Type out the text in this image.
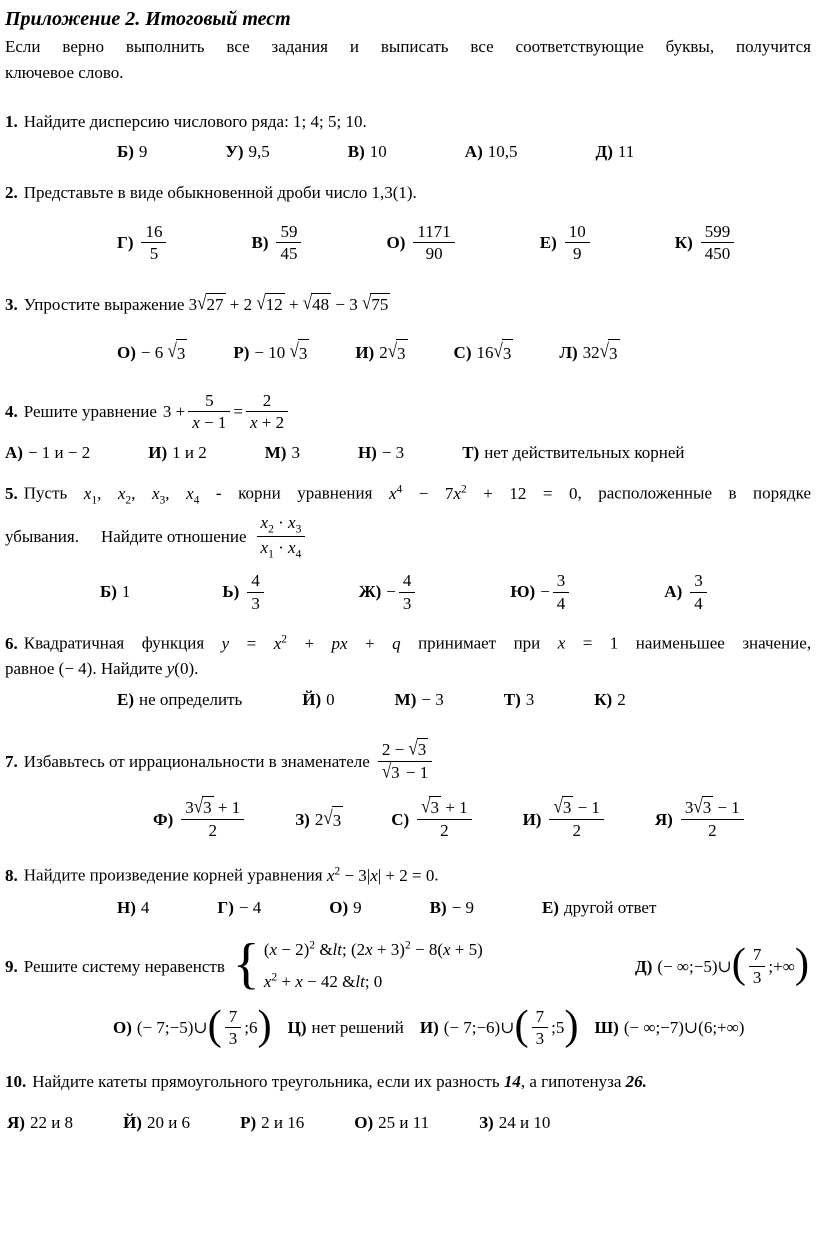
Приложение 2. Итоговый тест
Если верно выполнить все задания и выписать все соответствующие буквы, получится
ключевое слово.
1. Найдите дисперсию числового ряда: 1; 4; 5; 10.
Б) 9	У) 9,5	В) 10	А) 10,5	Д) 11
2. Представьте в виде обыкновенной дроби число 1,3(1).
$Г) \frac{16}{5}$	$В) \frac{59}{45}$	$О) \frac{1171}{90}$	$Е) \frac{10}{9}$	$К) \frac{599}{450}$
3. Упростите выражение 3√27 + 2 √12 + √48 − 3 √75
О) − 6
√ 3	Р) − 10
√ 3	И) 2 √ 3	С) 16 √ 3	Л) 32 √ 3
4. Решите уравнение $3 + \frac{5}{x - 1} = \frac{2}{x + 2}$
А) − 1 и − 2	И) 1 и 2	М) 3	Н) − 3	Т) нет действительных корней
5. Пусть $x_1$, $x_2$, $x_3$, $x_4$ - корни уравнения $x^4 - 7x^2 + 12 = 0$, расположенные в порядке
убывания. Найдите отношение $\frac{x_2 \cdot x_3}{x_1 \cdot x_4}$
Б) 1	$Ь) \frac{4}{3}$	$Ж) - \frac{4}{3}$	$Ю) - \frac{3}{4}$	$А) \frac{3}{4}$
6. Квадратичная функция $y = x^2$ + px + q принимает при x = 1 наименьшее значение,
равное (− 4). Найдите y(0).
Е) не определить	Й) 0	М) − 3	Т) 3	К) 2
7. Избавьтесь от иррациональности в знаменателе $\frac{2 - √3}{√3 - 1}$
$Ф) \frac{3√3 + 1}{2}$	З) 2 √ 3	$С) \frac{√3 + 1}{2}$	$И) \frac{√3 - 1}{2}$	$Я) \frac{3√3 - 1}{2}$
8. Найдите произведение корней уравнения $x^2 - 3|x| + 2 = 0$.
Н) 4	Г) − 4	О) 9	В) − 9	Е) другой ответ
9. Решите систему неравенств { $(x - 2)^2$ &lt; $(2x + 3)^2 - 8(x + 5)$
$x^2 + x - 42$ &lt; 0
Д) (− ∞;−5)∪ ( $\frac{7}{3}$ ;+∞ )
О) (− 7;−5)∪ ( $\frac{7}{3}$ ;6 ) Ц) нет решений И) (− 7;−6)∪ ( $\frac{7}{3}$ ;5 ) Ш) (− ∞;−7)∪(6;+∞)
10. Найдите катеты прямоугольного треугольника, если их разность 14, а гипотенуза 26.
Я) 22 и 8	Й) 20 и 6	Р) 2 и 16	О) 25 и 11	З) 24 и 10
